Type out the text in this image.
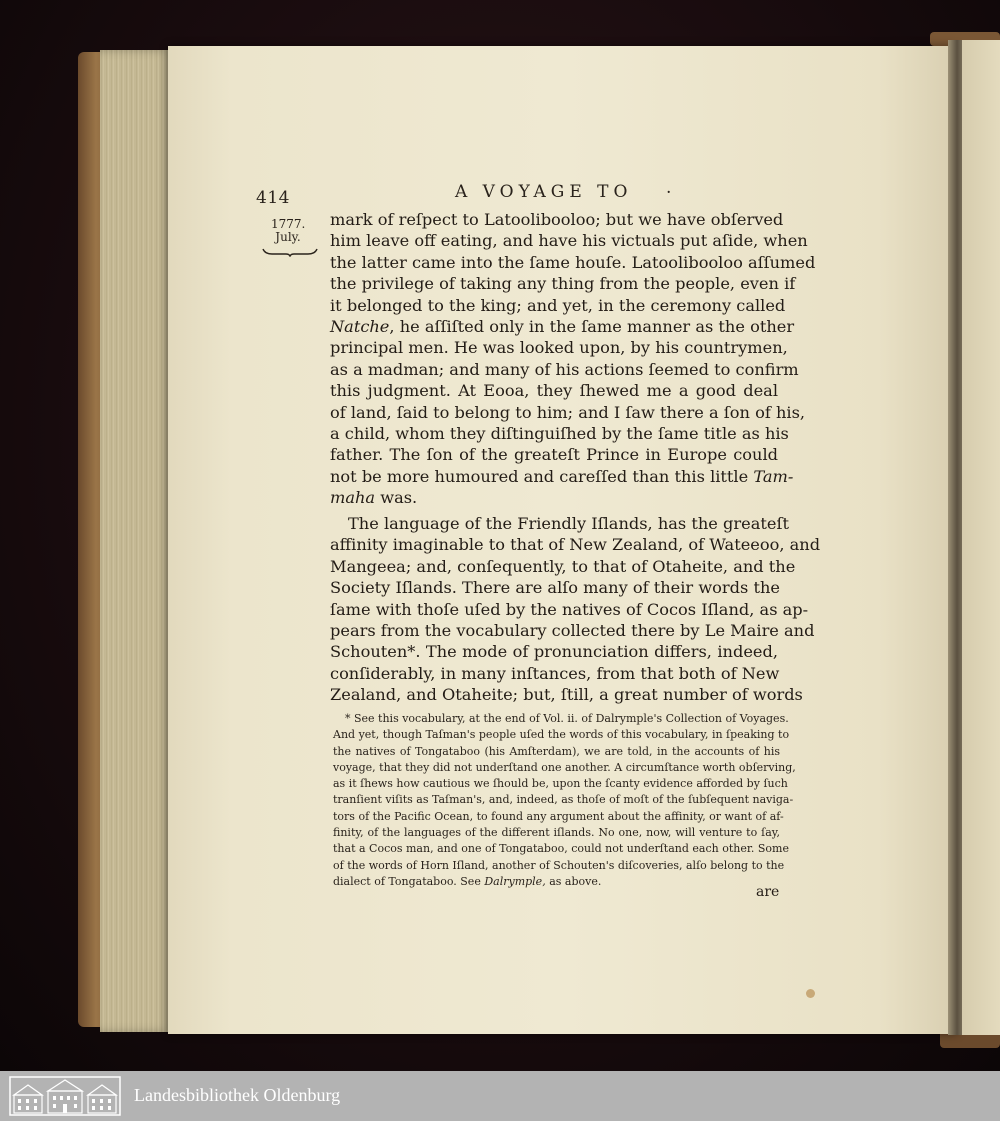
414	A VOYAGE TO .
1777.
July.

mark of reſpect to Latoolibooloo; but we have obſerved
him leave off eating, and have his victuals put aſide, when
the latter came into the ſame houſe. Latoolibooloo aſſumed
the privilege of taking any thing from the people, even if
it belonged to the king; and yet, in the ceremony called
Natche, he aſſiſted only in the ſame manner as the other
principal men. He was looked upon, by his countrymen,
as a madman; and many of his actions ſeemed to confirm
this judgment. At Eooa, they ſhewed me a good deal
of land, ſaid to belong to him; and I ſaw there a ſon of his,
a child, whom they diſtinguiſhed by the ſame title as his
father. The ſon of the greateſt Prince in Europe could
not be more humoured and careſſed than this little Tam-
maha was.

The language of the Friendly Iſlands, has the greateſt
affinity imaginable to that of New Zealand, of Wateeoo, and
Mangeea; and, conſequently, to that of Otaheite, and the
Society Iſlands. There are alſo many of their words the
ſame with thoſe uſed by the natives of Cocos Iſland, as ap-
pears from the vocabulary collected there by Le Maire and
Schouten*. The mode of pronunciation differs, indeed,
conſiderably, in many inſtances, from that both of New
Zealand, and Otaheite; but, ſtill, a great number of words

* See this vocabulary, at the end of Vol. ii. of Dalrymple's Collection of Voyages.
And yet, though Taſman's people uſed the words of this vocabulary, in ſpeaking to
the natives of Tongataboo (his Amſterdam), we are told, in the accounts of his
voyage, that they did not underſtand one another. A circumſtance worth obſerving,
as it ſhews how cautious we ſhould be, upon the ſcanty evidence afforded by ſuch
tranſient viſits as Taſman's, and, indeed, as thoſe of moſt of the ſubſequent naviga-
tors of the Pacific Ocean, to found any argument about the affinity, or want of af-
finity, of the languages of the different iſlands. No one, now, will venture to ſay,
that a Cocos man, and one of Tongataboo, could not underſtand each other. Some
of the words of Horn Iſland, another of Schouten's diſcoveries, alſo belong to the
dialect of Tongataboo. See Dalrymple, as above.

are
Landesbibliothek Oldenburg
